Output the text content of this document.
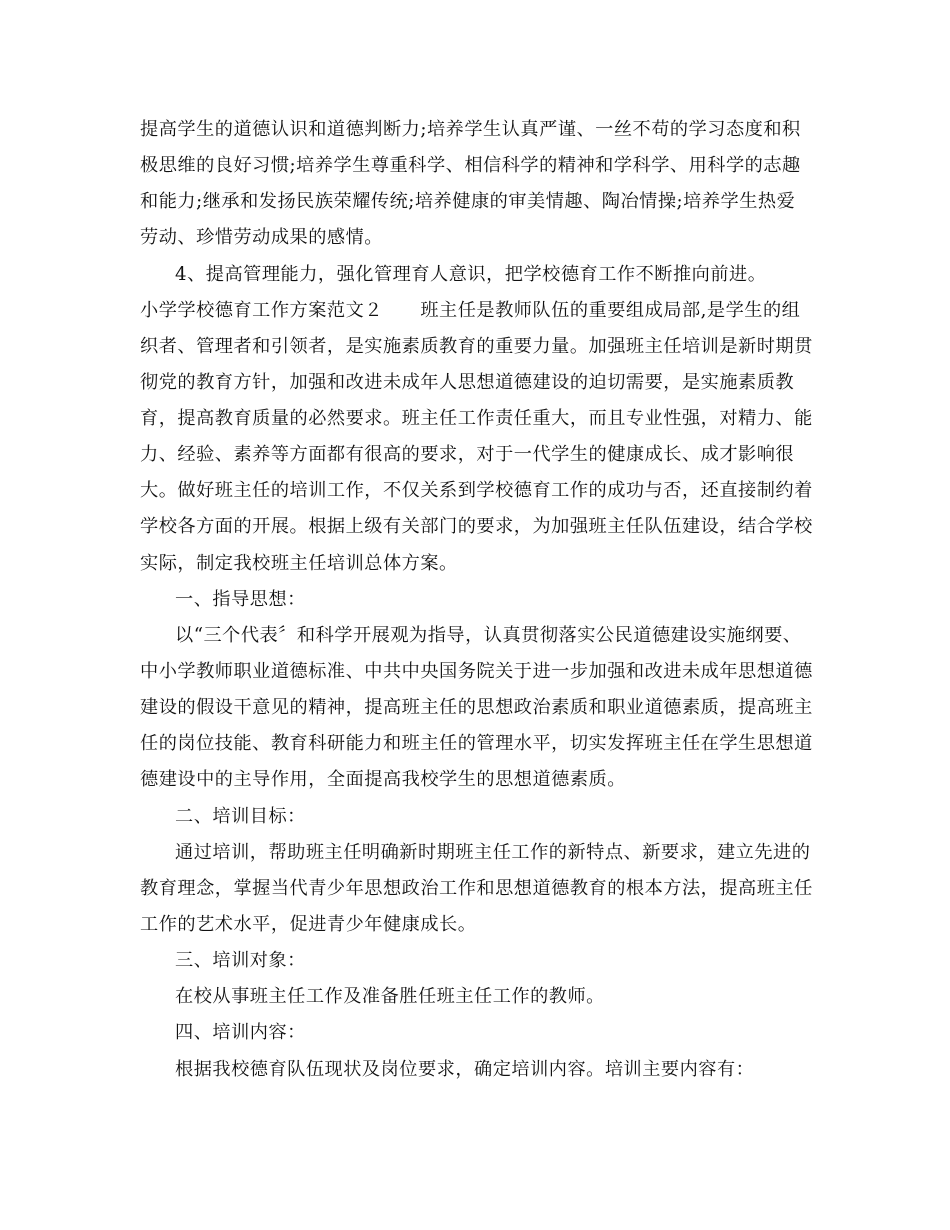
提高学生的道德认识和道德判断力;培养学生认真严谨、一丝不苟的学习态度和积
极思维的良好习惯;培养学生尊重科学、相信科学的精神和学科学、用科学的志趣
和能力;继承和发扬民族荣耀传统;培养健康的审美情趣、陶冶情操;培养学生热爱
劳动、珍惜劳动成果的感情。
4、提高管理能力，强化管理育人意识，把学校德育工作不断推向前进。
小学学校德育工作方案范文２　　班主任是教师队伍的重要组成局部,是学生的组
织者、管理者和引领者，是实施素质教育的重要力量。加强班主任培训是新时期贯
彻党的教育方针，加强和改进未成年人思想道德建设的迫切需要，是实施素质教
育，提高教育质量的必然要求。班主任工作责任重大，而且专业性强，对精力、能
力、经验、素养等方面都有很高的要求，对于一代学生的健康成长、成才影响很
大。做好班主任的培训工作，不仅关系到学校德育工作的成功与否，还直接制约着
学校各方面的开展。根据上级有关部门的要求，为加强班主任队伍建设，结合学校
实际，制定我校班主任培训总体方案。
一、指导思想：
以“三个代表〞和科学开展观为指导，认真贯彻落实公民道德建设实施纲要、
中小学教师职业道德标准、中共中央国务院关于进一步加强和改进未成年思想道德
建设的假设干意见的精神，提高班主任的思想政治素质和职业道德素质，提高班主
任的岗位技能、教育科研能力和班主任的管理水平，切实发挥班主任在学生思想道
德建设中的主导作用，全面提高我校学生的思想道德素质。
二、培训目标：
通过培训，帮助班主任明确新时期班主任工作的新特点、新要求，建立先进的
教育理念，掌握当代青少年思想政治工作和思想道德教育的根本方法，提高班主任
工作的艺术水平，促进青少年健康成长。
三、培训对象：
在校从事班主任工作及准备胜任班主任工作的教师。
四、培训内容：
根据我校德育队伍现状及岗位要求，确定培训内容。培训主要内容有：
